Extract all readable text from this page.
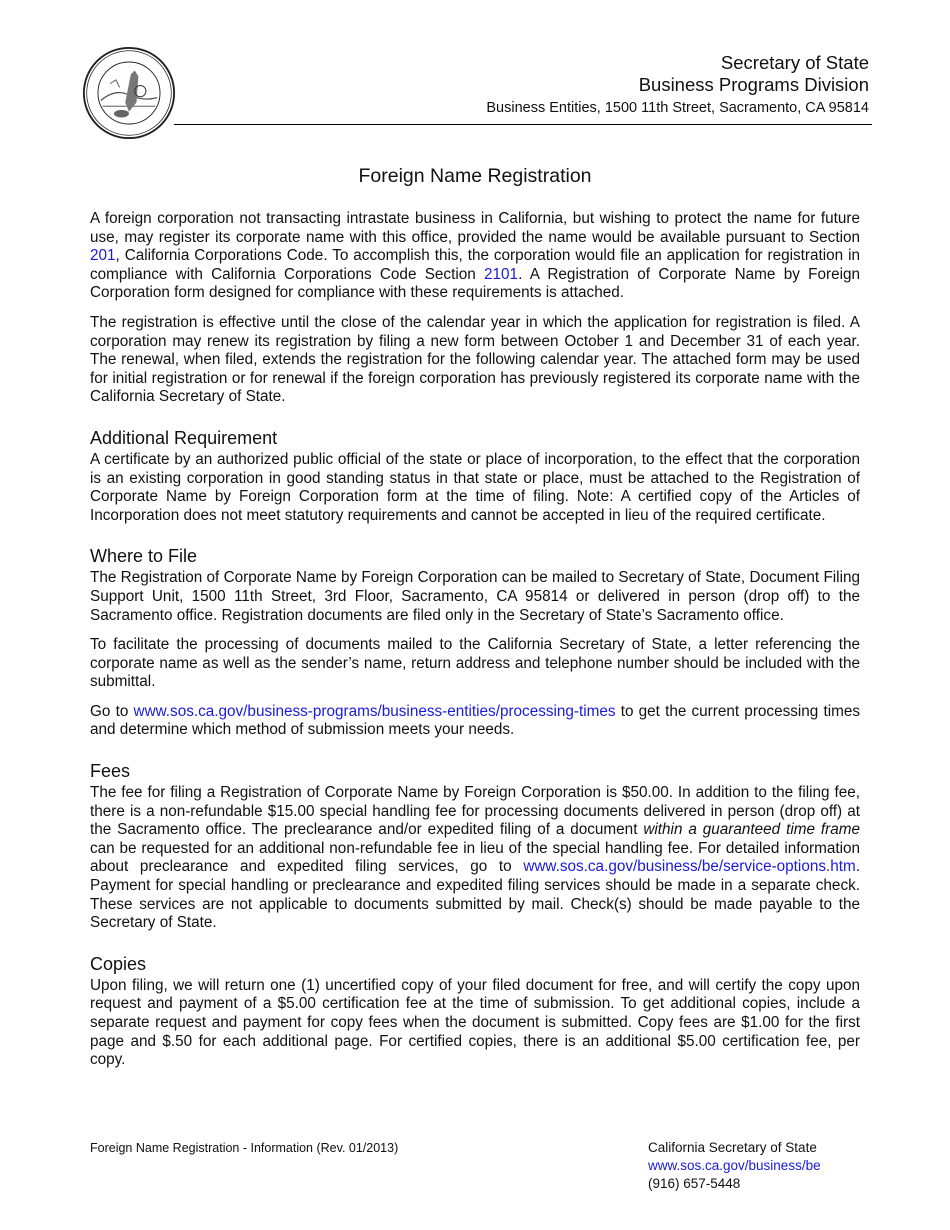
Secretary of State
Business Programs Division
Business Entities, 1500 11th Street, Sacramento, CA 95814
Foreign Name Registration

A foreign corporation not transacting intrastate business in California, but wishing to protect the name for future use, may register its corporate name with this office, provided the name would be available pursuant to Section 201, California Corporations Code. To accomplish this, the corporation would file an application for registration in compliance with California Corporations Code Section 2101. A Registration of Corporate Name by Foreign Corporation form designed for compliance with these requirements is attached.

The registration is effective until the close of the calendar year in which the application for registration is filed. A corporation may renew its registration by filing a new form between October 1 and December 31 of each year. The renewal, when filed, extends the registration for the following calendar year. The attached form may be used for initial registration or for renewal if the foreign corporation has previously registered its corporate name with the California Secretary of State.

Additional Requirement

A certificate by an authorized public official of the state or place of incorporation, to the effect that the corporation is an existing corporation in good standing status in that state or place, must be attached to the Registration of Corporate Name by Foreign Corporation form at the time of filing. Note: A certified copy of the Articles of Incorporation does not meet statutory requirements and cannot be accepted in lieu of the required certificate.

Where to File

The Registration of Corporate Name by Foreign Corporation can be mailed to Secretary of State, Document Filing Support Unit, 1500 11th Street, 3rd Floor, Sacramento, CA 95814 or delivered in person (drop off) to the Sacramento office. Registration documents are filed only in the Secretary of State’s Sacramento office.

To facilitate the processing of documents mailed to the California Secretary of State, a letter referencing the corporate name as well as the sender’s name, return address and telephone number should be included with the submittal.

Go to www.sos.ca.gov/business-programs/business-entities/processing-times to get the current processing times and determine which method of submission meets your needs.

Fees

The fee for filing a Registration of Corporate Name by Foreign Corporation is $50.00. In addition to the filing fee, there is a non-refundable $15.00 special handling fee for processing documents delivered in person (drop off) at the Sacramento office. The preclearance and/or expedited filing of a document within a guaranteed time frame can be requested for an additional non-refundable fee in lieu of the special handling fee. For detailed information about preclearance and expedited filing services, go to www.sos.ca.gov/business/be/service-options.htm. Payment for special handling or preclearance and expedited filing services should be made in a separate check. These services are not applicable to documents submitted by mail. Check(s) should be made payable to the Secretary of State.

Copies

Upon filing, we will return one (1) uncertified copy of your filed document for free, and will certify the copy upon request and payment of a $5.00 certification fee at the time of submission. To get additional copies, include a separate request and payment for copy fees when the document is submitted. Copy fees are $1.00 for the first page and $.50 for each additional page. For certified copies, there is an additional $5.00 certification fee, per copy.

Foreign Name Registration - Information (Rev. 01/2013)	California Secretary of State
www.sos.ca.gov/business/be
(916) 657-5448
